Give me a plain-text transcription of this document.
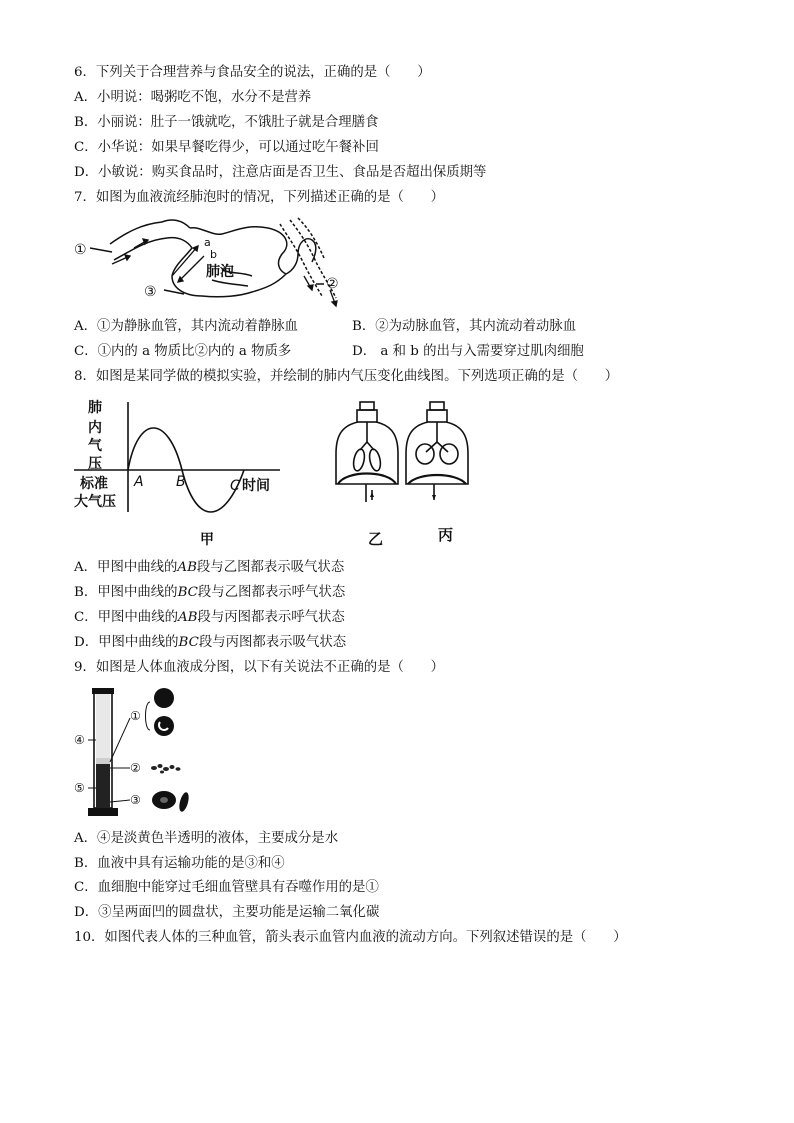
6．下列关于合理营养与食品安全的说法，正确的是（　　）
A．小明说：喝粥吃不饱，水分不是营养
B．小丽说：肚子一饿就吃，不饿肚子就是合理膳食
C．小华说：如果早餐吃得少，可以通过吃午餐补回
D．小敏说：购买食品时，注意店面是否卫生、食品是否超出保质期等
7．如图为血液流经肺泡时的情况，下列描述正确的是（　　）
①	a
b
肺泡
③	②
A．①为静脉血管，其内流动着静脉血	B．②为动脉血管，其内流动着动脉血
C．①内的 a 物质比②内的 a 物质多	D． a 和 b 的出与入需要穿过肌肉细胞
8．如图是某同学做的模拟实验，并绘制的肺内气压变化曲线图。下列选项正确的是（　　）
肺
内
气
压
标准
大气压
时间
甲
A B	C
乙	丙
A．甲图中曲线的AB段与乙图都表示吸气状态
B．甲图中曲线的BC段与乙图都表示呼气状态
C．甲图中曲线的AB段与丙图都表示呼气状态
D．甲图中曲线的BC段与丙图都表示吸气状态
9．如图是人体血液成分图，以下有关说法不正确的是（　　）
④
⑤
①
②
③
A．④是淡黄色半透明的液体，主要成分是水
B．血液中具有运输功能的是③和④
C．血细胞中能穿过毛细血管壁具有吞噬作用的是①
D．③呈两面凹的圆盘状，主要功能是运输二氧化碳
10．如图代表人体的三种血管，箭头表示血管内血液的流动方向。下列叙述错误的是（　　）
